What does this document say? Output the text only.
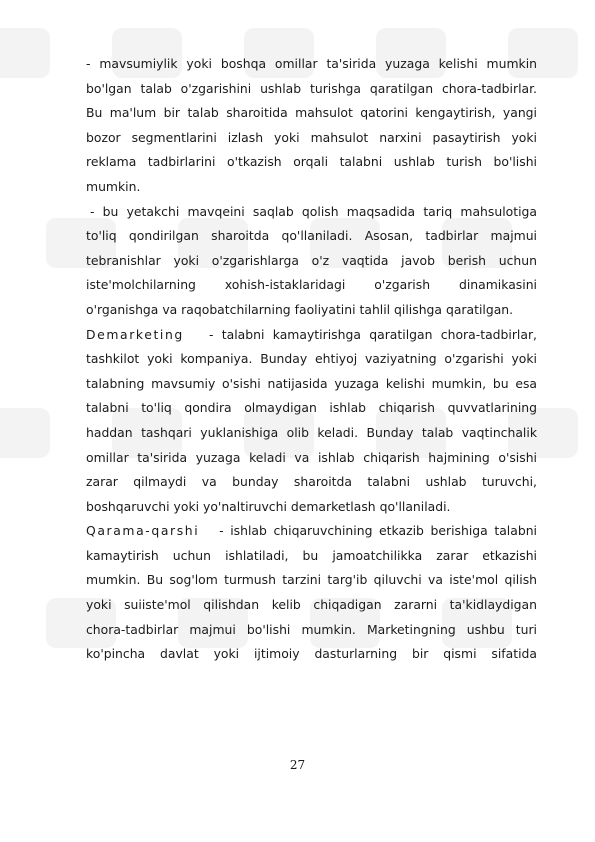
- mavsumiylik yoki boshqa omillar ta'sirida yuzaga kelishi mumkin
bo'lgan talab o'zgarishini ushlab turishga qaratilgan chora-tadbirlar.
Bu ma'lum bir talab sharoitida mahsulot qatorini kengaytirish, yangi
bozor segmentlarini izlash yoki mahsulot narxini pasaytirish yoki
reklama tadbirlarini o'tkazish orqali talabni ushlab turish bo'lishi
mumkin.
- bu yetakchi mavqeini saqlab qolish maqsadida tariq mahsulotiga
to'liq qondirilgan sharoitda qo'llaniladi. Asosan, tadbirlar majmui
tebranishlar yoki o'zgarishlarga o'z vaqtida javob berish uchun
iste'molchilarning xohish-istaklaridagi o'zgarish dinamikasini
o'rganishga va raqobatchilarning faoliyatini tahlil qilishga qaratilgan.
Demarketing - talabni kamaytirishga qaratilgan chora-tadbirlar,
tashkilot yoki kompaniya. Bunday ehtiyoj vaziyatning o'zgarishi yoki
talabning mavsumiy o'sishi natijasida yuzaga kelishi mumkin, bu esa
talabni to'liq qondira olmaydigan ishlab chiqarish quvvatlarining
haddan tashqari yuklanishiga olib keladi. Bunday talab vaqtinchalik
omillar ta'sirida yuzaga keladi va ishlab chiqarish hajmining o'sishi
zarar qilmaydi va bunday sharoitda talabni ushlab turuvchi,
boshqaruvchi yoki yo'naltiruvchi demarketlash qo'llaniladi.
Qarama-qarshi - ishlab chiqaruvchining etkazib berishiga talabni
kamaytirish uchun ishlatiladi, bu jamoatchilikka zarar etkazishi
mumkin. Bu sog'lom turmush tarzini targ'ib qiluvchi va iste'mol qilish
yoki suiiste'mol qilishdan kelib chiqadigan zararni ta'kidlaydigan
chora-tadbirlar majmui bo'lishi mumkin. Marketingning ushbu turi
ko'pincha davlat yoki ijtimoiy dasturlarning bir qismi sifatida
27
